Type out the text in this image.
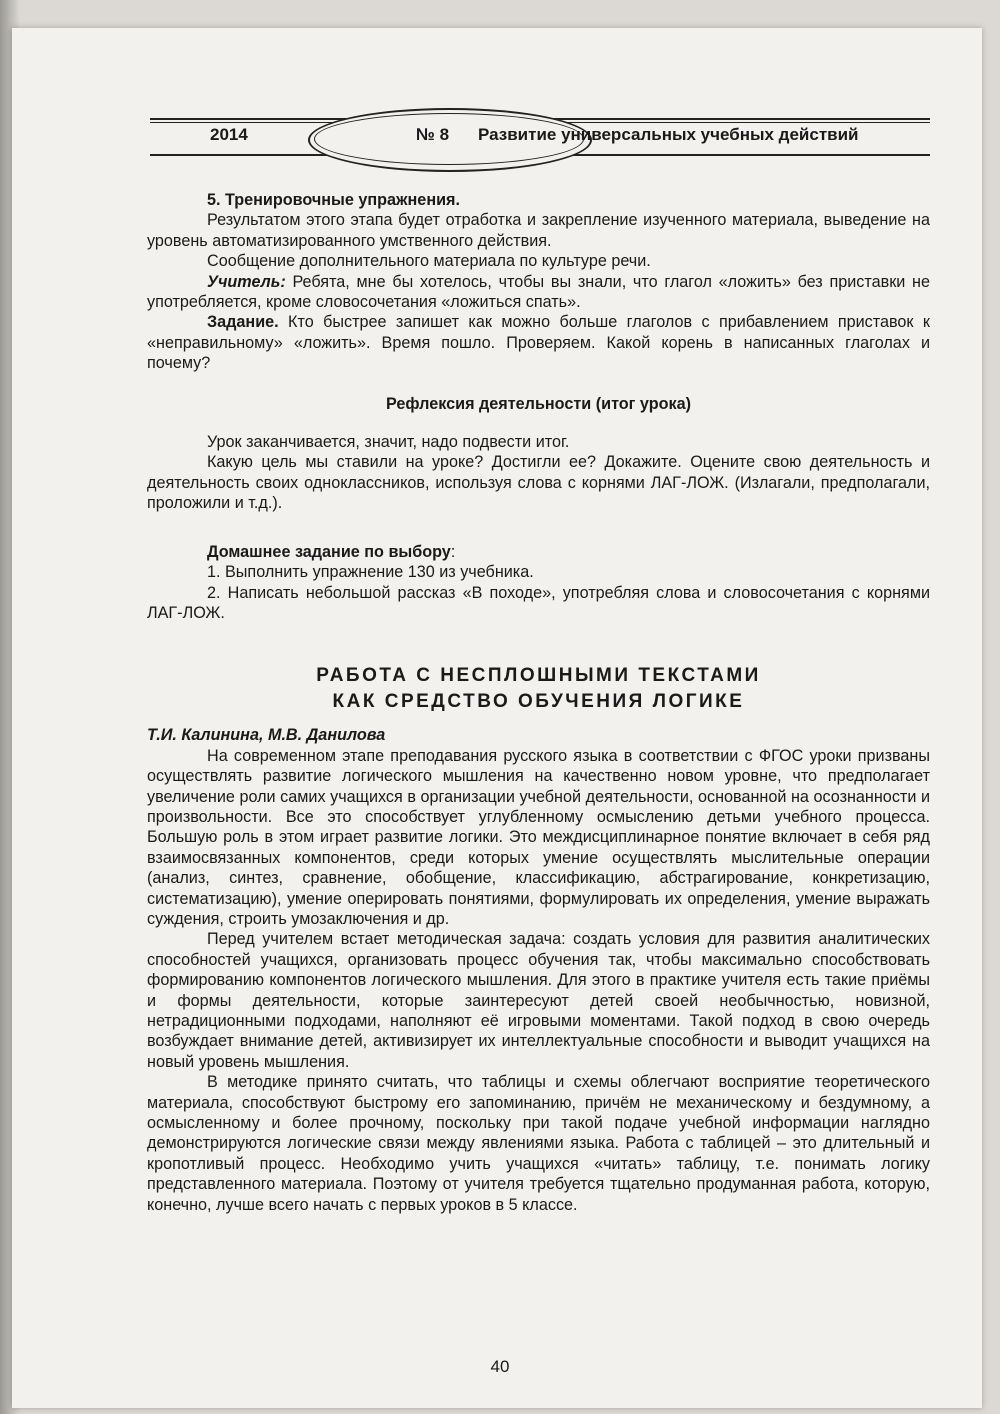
2014	№ 8 Развитие универсальных учебных действий

5. Тренировочные упражнения.

Результатом этого этапа будет отработка и закрепление изученного материала, выведение на уровень автоматизированного умственного действия.

Сообщение дополнительного материала по культуре речи.

Учитель: Ребята, мне бы хотелось, чтобы вы знали, что глагол «ложить» без приставки не употребляется, кроме словосочетания «ложиться спать».

Задание. Кто быстрее запишет как можно больше глаголов с прибавлением приставок к «неправильному» «ложить». Время пошло. Проверяем. Какой корень в написанных глаголах и почему?

Рефлексия деятельности (итог урока)

Урок заканчивается, значит, надо подвести итог.

Какую цель мы ставили на уроке? Достигли ее? Докажите. Оцените свою деятельность и деятельность своих одноклассников, используя слова с корнями ЛАГ-ЛОЖ. (Излагали, предполагали, проложили и т.д.).

Домашнее задание по выбору:

1. Выполнить упражнение 130 из учебника.

2. Написать небольшой рассказ «В походе», употребляя слова и словосочетания с корнями ЛАГ-ЛОЖ.

РАБОТА С НЕСПЛОШНЫМИ ТЕКСТАМИ
КАК СРЕДСТВО ОБУЧЕНИЯ ЛОГИКЕ

Т.И. Калинина, М.В. Данилова

На современном этапе преподавания русского языка в соответствии с ФГОС уроки призваны осуществлять развитие логического мышления на качественно новом уровне, что предполагает увеличение роли самих учащихся в организации учебной деятельности, основанной на осознанности и произвольности. Все это способствует углубленному осмыслению детьми учебного процесса. Большую роль в этом играет развитие логики. Это междисциплинарное понятие включает в себя ряд взаимосвязанных компонентов, среди которых умение осуществлять мыслительные операции (анализ, синтез, сравнение, обобщение, классификацию, абстрагирование, конкретизацию, систематизацию), умение оперировать понятиями, формулировать их определения, умение выражать суждения, строить умозаключения и др.

Перед учителем встает методическая задача: создать условия для развития аналитических способностей учащихся, организовать процесс обучения так, чтобы максимально способствовать формированию компонентов логического мышления. Для этого в практике учителя есть такие приёмы и формы деятельности, которые заинтересуют детей своей необычностью, новизной, нетрадиционными подходами, наполняют её игровыми моментами. Такой подход в свою очередь возбуждает внимание детей, активизирует их интеллектуальные способности и выводит учащихся на новый уровень мышления.

В методике принято считать, что таблицы и схемы облегчают восприятие теоретического материала, способствуют быстрому его запоминанию, причём не механическому и бездумному, а осмысленному и более прочному, поскольку при такой подаче учебной информации наглядно демонстрируются логические связи между явлениями языка. Работа с таблицей – это длительный и кропотливый процесс. Необходимо учить учащихся «читать» таблицу, т.е. понимать логику представленного материала. Поэтому от учителя требуется тщательно продуманная работа, которую, конечно, лучше всего начать с первых уроков в 5 классе.

40
